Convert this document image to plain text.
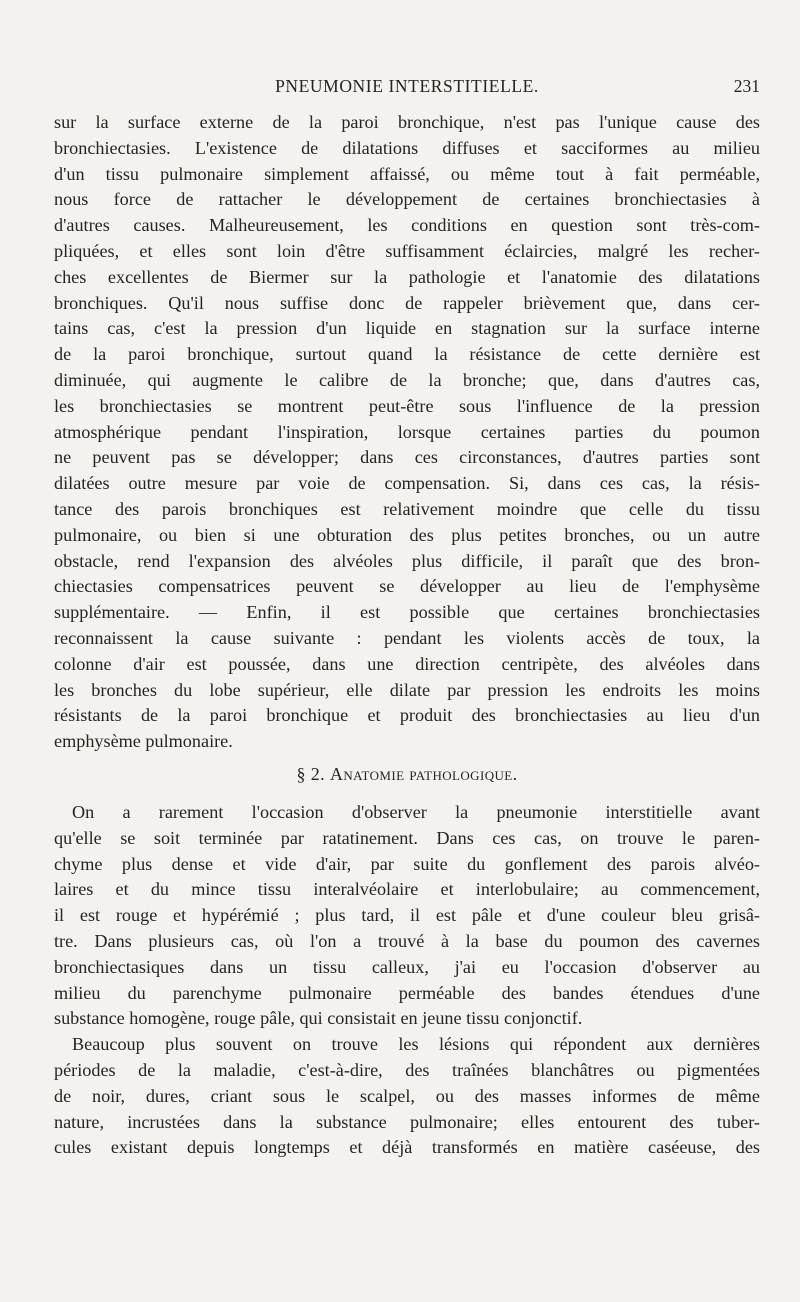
PNEUMONIE INTERSTITIELLE.	231
sur la surface externe de la paroi bronchique, n'est pas l'unique cause des
bronchiectasies. L'existence de dilatations diffuses et sacciformes au milieu
d'un tissu pulmonaire simplement affaissé, ou même tout à fait perméable,
nous force de rattacher le développement de certaines bronchiectasies à
d'autres causes. Malheureusement, les conditions en question sont très-com-
pliquées, et elles sont loin d'être suffisamment éclaircies, malgré les recher-
ches excellentes de Biermer sur la pathologie et l'anatomie des dilatations
bronchiques. Qu'il nous suffise donc de rappeler brièvement que, dans cer-
tains cas, c'est la pression d'un liquide en stagnation sur la surface interne
de la paroi bronchique, surtout quand la résistance de cette dernière est
diminuée, qui augmente le calibre de la bronche; que, dans d'autres cas,
les bronchiectasies se montrent peut-être sous l'influence de la pression
atmosphérique pendant l'inspiration, lorsque certaines parties du poumon
ne peuvent pas se développer; dans ces circonstances, d'autres parties sont
dilatées outre mesure par voie de compensation. Si, dans ces cas, la résis-
tance des parois bronchiques est relativement moindre que celle du tissu
pulmonaire, ou bien si une obturation des plus petites bronches, ou un autre
obstacle, rend l'expansion des alvéoles plus difficile, il paraît que des bron-
chiectasies compensatrices peuvent se développer au lieu de l'emphysème
supplémentaire. — Enfin, il est possible que certaines bronchiectasies
reconnaissent la cause suivante : pendant les violents accès de toux, la
colonne d'air est poussée, dans une direction centripète, des alvéoles dans
les bronches du lobe supérieur, elle dilate par pression les endroits les moins
résistants de la paroi bronchique et produit des bronchiectasies au lieu d'un
emphysème pulmonaire.
§ 2. Anatomie pathologique.
On a rarement l'occasion d'observer la pneumonie interstitielle avant
qu'elle se soit terminée par ratatinement. Dans ces cas, on trouve le paren-
chyme plus dense et vide d'air, par suite du gonflement des parois alvéo-
laires et du mince tissu interalvéolaire et interlobulaire; au commencement,
il est rouge et hypérémié ; plus tard, il est pâle et d'une couleur bleu grisâ-
tre. Dans plusieurs cas, où l'on a trouvé à la base du poumon des cavernes
bronchiectasiques dans un tissu calleux, j'ai eu l'occasion d'observer au
milieu du parenchyme pulmonaire perméable des bandes étendues d'une
substance homogène, rouge pâle, qui consistait en jeune tissu conjonctif.
Beaucoup plus souvent on trouve les lésions qui répondent aux dernières
périodes de la maladie, c'est-à-dire, des traînées blanchâtres ou pigmentées
de noir, dures, criant sous le scalpel, ou des masses informes de même
nature, incrustées dans la substance pulmonaire; elles entourent des tuber-
cules existant depuis longtemps et déjà transformés en matière caséeuse, des
